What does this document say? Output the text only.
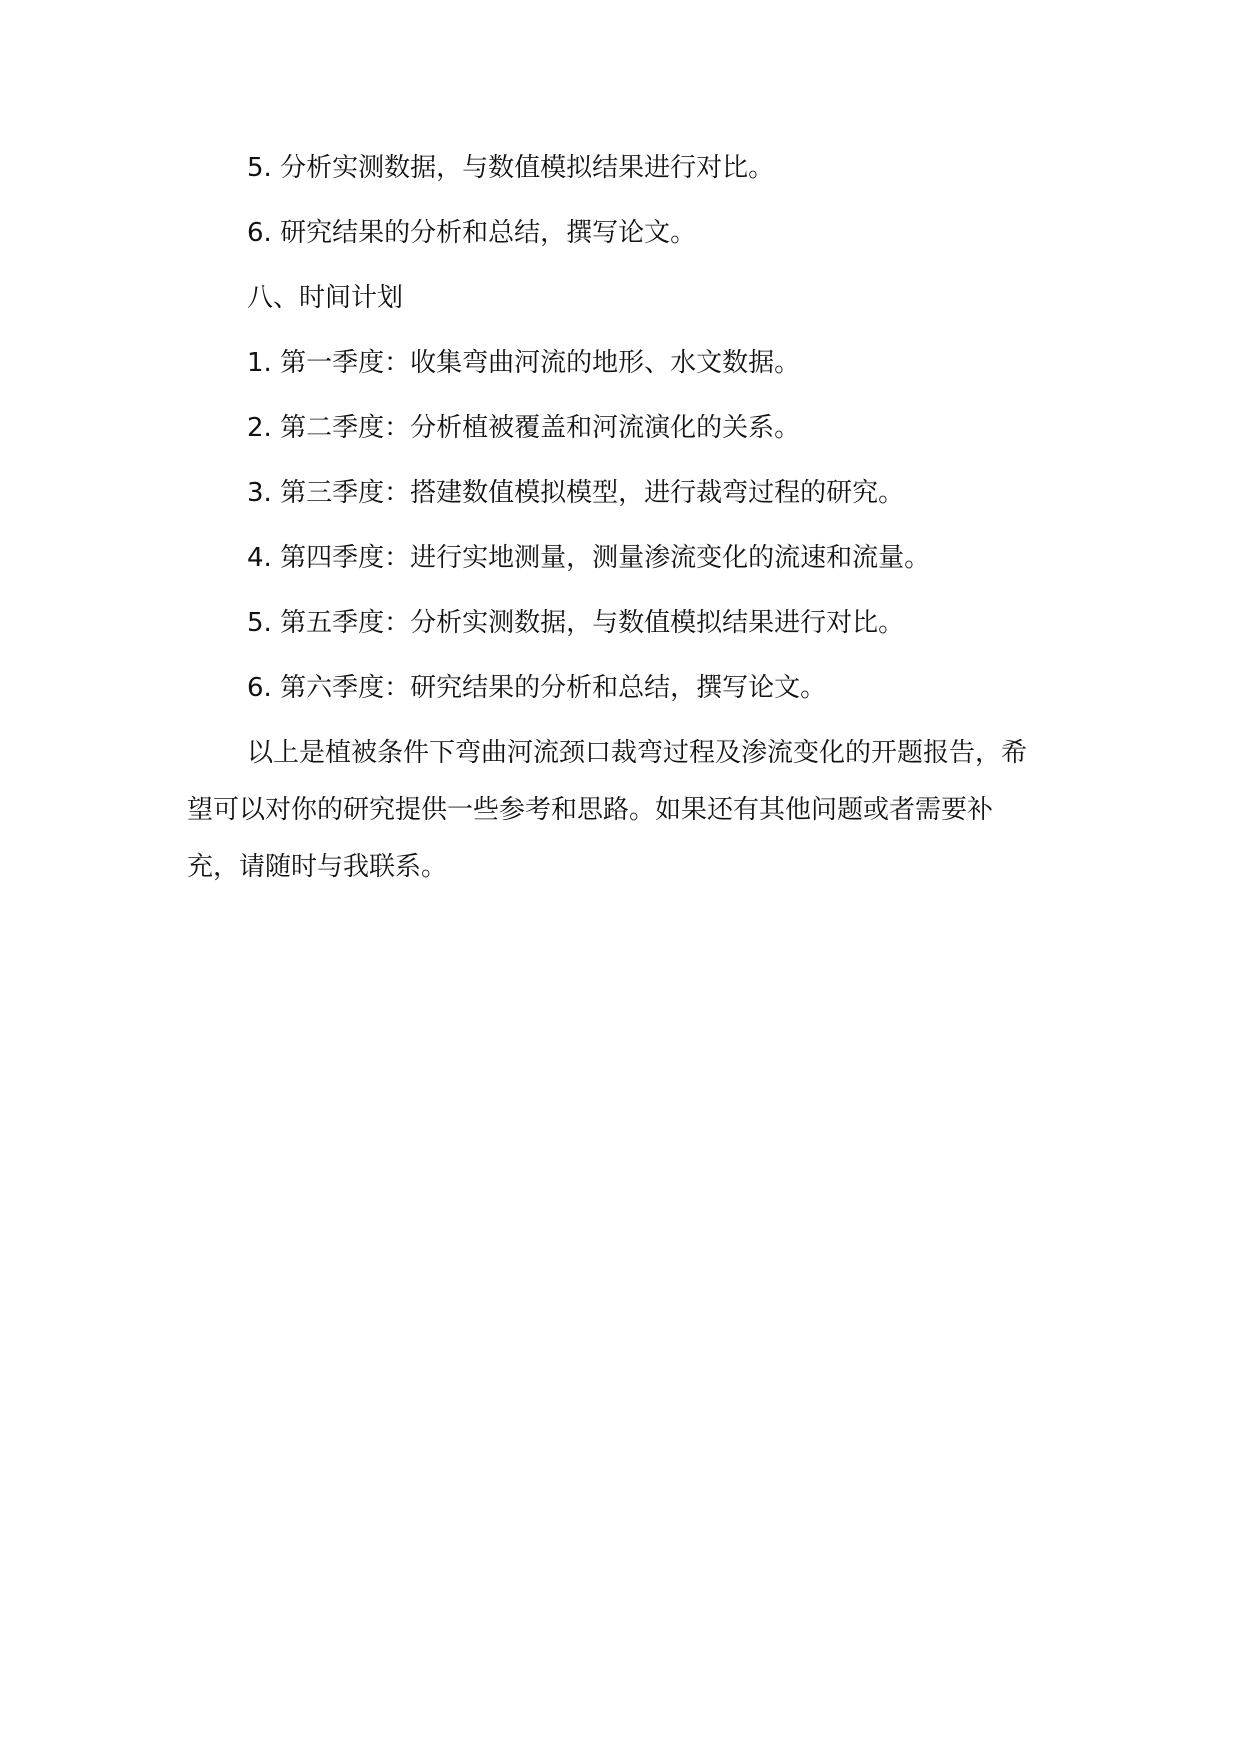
5. 分析实测数据，与数值模拟结果进行对比。

6. 研究结果的分析和总结，撰写论文。

八、时间计划

1. 第一季度：收集弯曲河流的地形、水文数据。

2. 第二季度：分析植被覆盖和河流演化的关系。

3. 第三季度：搭建数值模拟模型，进行裁弯过程的研究。

4. 第四季度：进行实地测量，测量渗流变化的流速和流量。

5. 第五季度：分析实测数据，与数值模拟结果进行对比。

6. 第六季度：研究结果的分析和总结，撰写论文。

以上是植被条件下弯曲河流颈口裁弯过程及渗流变化的开题报告，希望可以对你的研究提供一些参考和思路。如果还有其他问题或者需要补充，请随时与我联系。
